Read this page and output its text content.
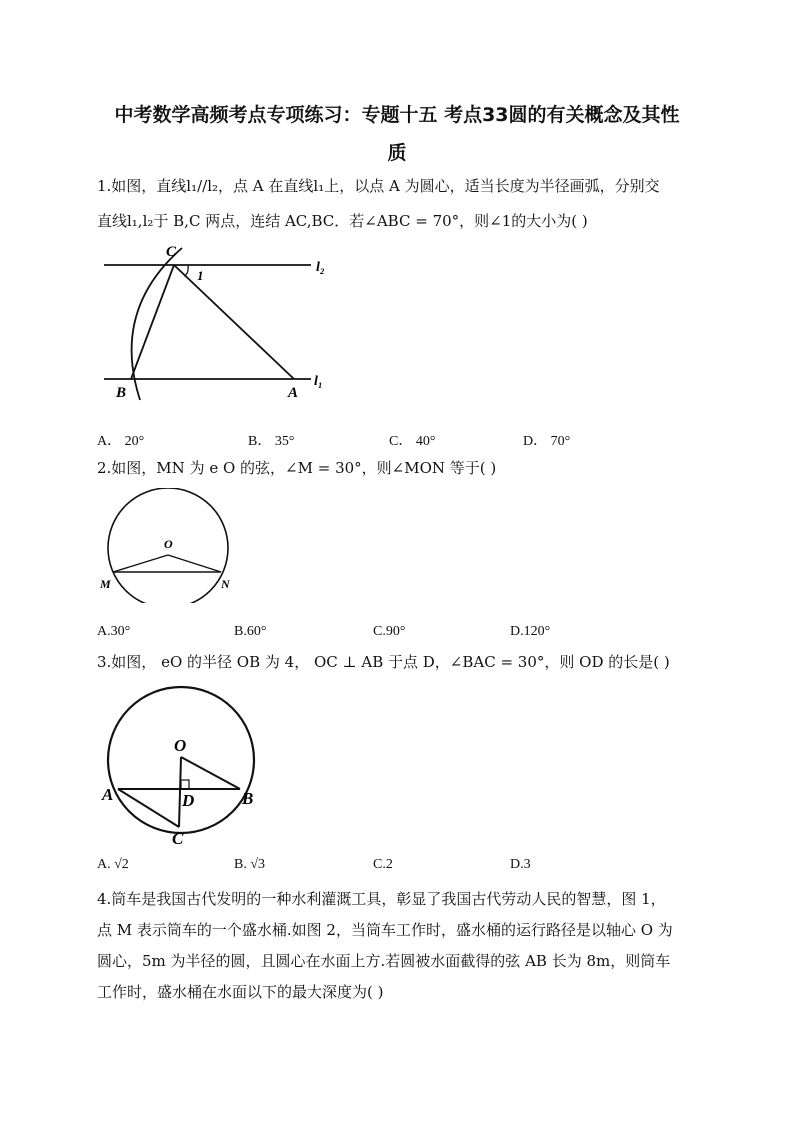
中考数学高频考点专项练习：专题十五 考点33圆的有关概念及其性
质
1.如图，直线l₁//l₂，点 A 在直线l₁上，以点 A 为圆心，适当长度为半径画弧，分别交
直线l₁,l₂于 B,C 两点，连结 AC,BC．若∠ABC = 70°，则∠1的大小为( )
C
1
l₂
B	A
l₁
A． 20°	B． 35°	C． 40°	D． 70°
2.如图，MN 为 e O 的弦，∠M = 30°，则∠MON 等于( )
O
M	N
A.30°	B.60°	C.90°	D.120°
3.如图， eO 的半径 OB 为 4， OC ⊥ AB 于点 D，∠BAC = 30°，则 OD 的长是( )
O
A	B
D
C
A. √2	B. √3	C.2	D.3
4.筒车是我国古代发明的一种水利灌溉工具，彰显了我国古代劳动人民的智慧，图 1，
点 M 表示筒车的一个盛水桶.如图 2，当筒车工作时，盛水桶的运行路径是以轴心 O 为
圆心，5m 为半径的圆，且圆心在水面上方.若圆被水面截得的弦 AB 长为 8m，则筒车
工作时，盛水桶在水面以下的最大深度为( )
